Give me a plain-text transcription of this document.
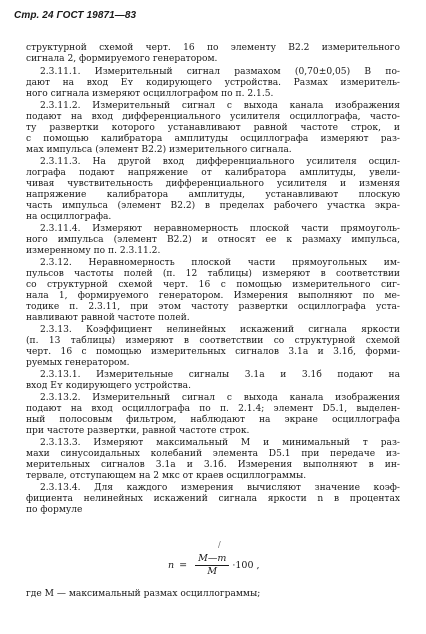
Стр. 24 ГОСТ 19871—83
структурной схемой черт. 16 по элементу В2.2 измерительного
сигнала 2, формируемого генератором.
2.3.11.1. Измерительный сигнал размахом (0,70±0,05) В по-
дают на вход Еʏ кодирующего устройства. Размах измеритель-
ного сигнала измеряют осциллографом по п. 2.1.5.
2.3.11.2. Измерительный сигнал с выхода канала изображения
подают на вход дифференциального усилителя осциллографа, часто-
ту развертки которого устанавливают равной частоте строк, и
с помощью калибратора амплитуды осциллографа измеряют раз-
мах импульса (элемент В2.2) измерительного сигнала.
2.3.11.3. На другой вход дифференциального усилителя осцил-
лографа подают напряжение от калибратора амплитуды, увели-
чивая чувствительность дифференциального усилителя и изменяя
напряжение калибратора амплитуды, устанавливают плоскую
часть импульса (элемент В2.2) в пределах рабочего участка экра-
на осциллографа.
2.3.11.4. Измеряют неравномерность плоской части прямоуголь-
ного импульса (элемент В2.2) и относят ее к размаху импульса,
измеренному по п. 2.3.11.2.
2.3.12. Неравномерность плоской части прямоугольных им-
пульсов частоты полей (п. 12 таблицы) измеряют в соответствии
со структурной схемой черт. 16 с помощью измерительного сиг-
нала 1, формируемого генератором. Измерения выполняют по ме-
тодике п. 2.3.11, при этом частоту развертки осциллографа уста-
навливают равной частоте полей.
2.3.13. Коэффициент нелинейных искажений сигнала яркости
(п. 13 таблицы) измеряют в соответствии со структурной схемой
черт. 16 с помощью измерительных сигналов 3.1а и 3.1б, форми-
руемых генератором.
2.3.13.1. Измерительные сигналы 3.1а и 3.1б подают на
вход Еʏ кодирующего устройства.
2.3.13.2. Измерительный сигнал с выхода канала изображения
подают на вход осциллографа по п. 2.1.4; элемент D5.1, выделен-
ный полосовым фильтром, наблюдают на экране осциллографа
при частоте развертки, равной частоте строк.
2.3.13.3. Измеряют максимальный М и минимальный т раз-
махи синусоидальных колебаний элемента D5.1 при передаче из-
мерительных сигналов 3.1а и 3.1б. Измерения выполняют в ин-
тервале, отступающем на 2 мкс от краев осциллограммы.
2.3.13.4. Для каждого измерения вычисляют значение коэф-
фициента нелинейных искажений сигнала яркости n в процентах
по формуле
где М — максимальный размах осциллограммы;
/
$n = \frac{M—m}{M} \cdot 100$ ,
